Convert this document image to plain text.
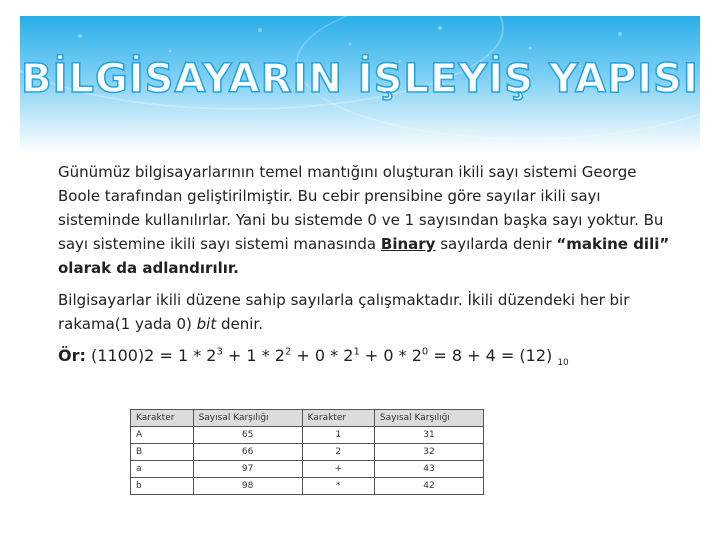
BİLGİSAYARIN İŞLEYİŞ YAPISI

Günümüz bilgisayarlarının temel mantığını oluşturan ikili sayı sistemi George Boole tarafından geliştirilmiştir. Bu cebir prensibine göre sayılar ikili sayı sisteminde kullanılırlar. Yani bu sistemde 0 ve 1 sayısından başka sayı yoktur. Bu sayı sistemine ikili sayı sistemi manasında Binary sayılarda denir “makine dili” olarak da adlandırılır.

Bilgisayarlar ikili düzene sahip sayılarla çalışmaktadır. İkili düzendeki her bir rakama(1 yada 0) bit denir.

Ör: $(1100)2 = 1 * 2^3 + 1 * 2^2 + 0 * 2^1 + 0 * 2^0 = 8 + 4 = (12)$ $_{10}$

Karakter	Sayısal Karşılığı	Karakter	Sayısal Karşılığı
A	65	1	31
B	66	2	32
a	97	+	43
b	98	*	42
